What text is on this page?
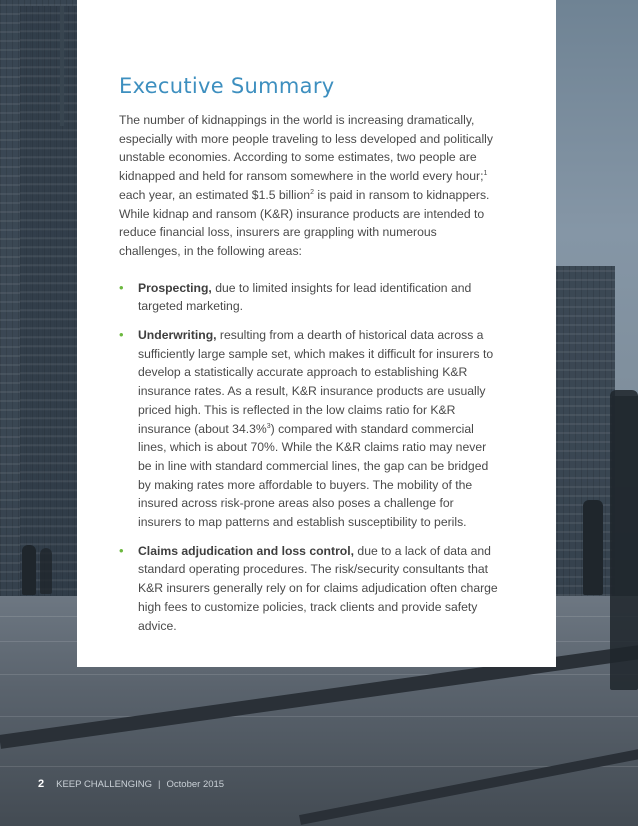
Executive Summary

The number of kidnappings in the world is increasing dramatically, especially with more people traveling to less developed and politically unstable economies. According to some estimates, two people are kidnapped and held for ransom somewhere in the world every hour;$^1$ each year, an estimated $1.5 billion$^2$ is paid in ransom to kidnappers. While kidnap and ransom (K&R) insurance products are intended to reduce financial loss, insurers are grappling with numerous challenges, in the following areas:

• Prospecting, due to limited insights for lead identification and targeted marketing.
• Underwriting, resulting from a dearth of historical data across a sufficiently large sample set, which makes it difficult for insurers to develop a statistically accurate approach to establishing K&R insurance rates. As a result, K&R insurance products are usually priced high. This is reflected in the low claims ratio for K&R insurance (about 34.3%$^3$) compared with standard commercial lines, which is about 70%. While the K&R claims ratio may never be in line with standard commercial lines, the gap can be bridged by making rates more affordable to buyers. The mobility of the insured across risk-prone areas also poses a challenge for insurers to map patterns and establish susceptibility to perils.
• Claims adjudication and loss control, due to a lack of data and standard operating procedures. The risk/security consultants that K&R insurers generally rely on for claims adjudication often charge high fees to customize policies, track clients and provide safety advice.
2 KEEP CHALLENGING | October 2015
